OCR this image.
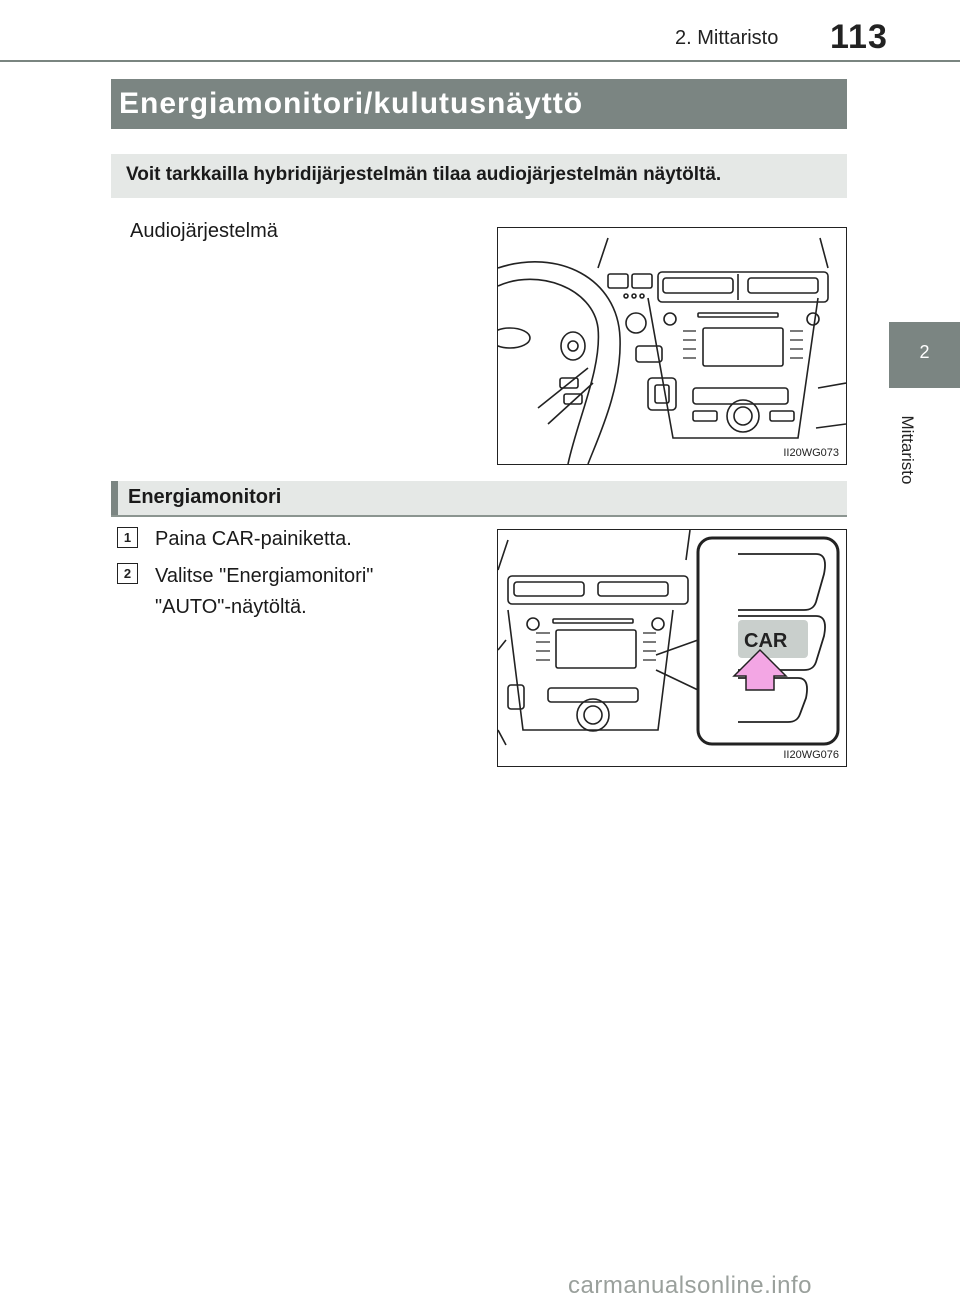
2. Mittaristo 113
2
Mittaristo
Energiamonitori/kulutusnäyttö
Voit tarkkailla hybridijärjestelmän tilaa audiojärjestelmän näytöltä.
Audiojärjestelmä
II20WG073
Energiamonitori
1	Paina CAR-painiketta.
2	Valitse "Energiamonitori"
"AUTO"-näytöltä.
CAR
II20WG076
carmanualsonline.info
